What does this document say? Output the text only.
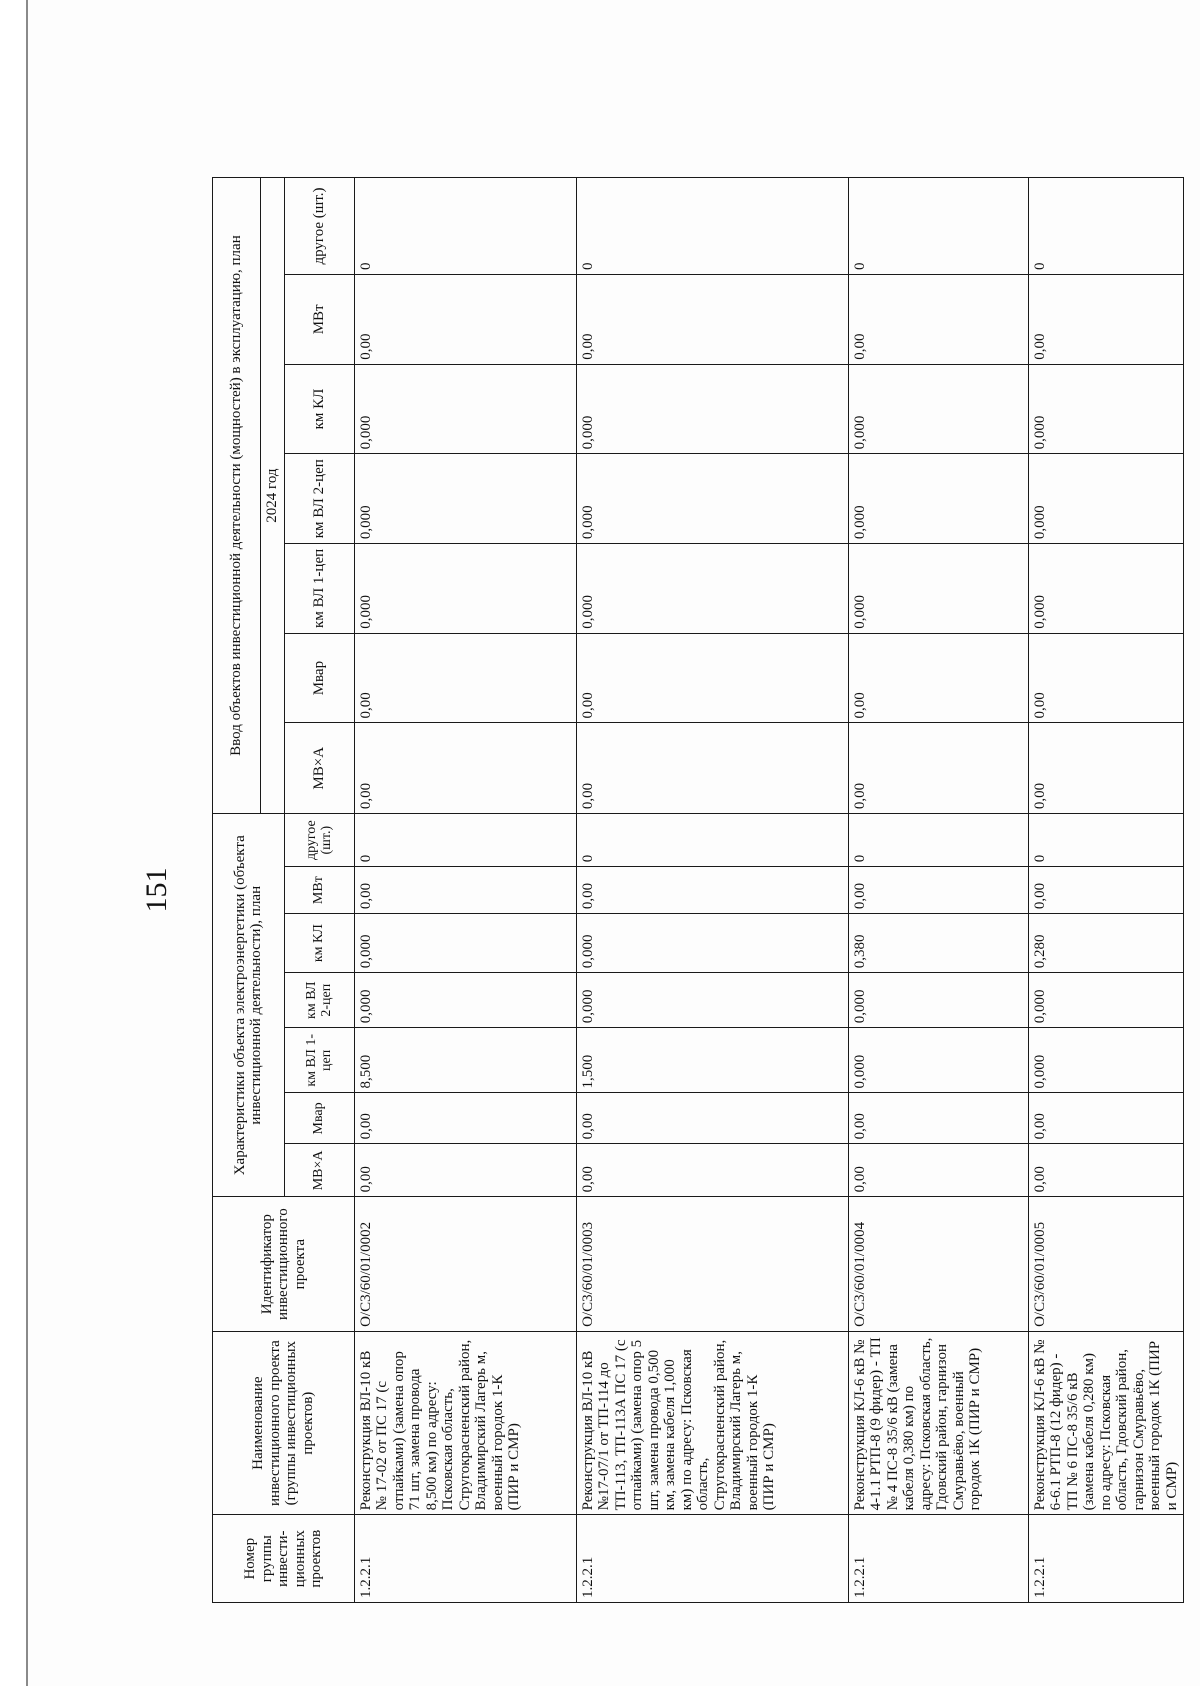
151
Номер группы инвести-ционных проектов	Наименование инвестиционного проекта (группы инвестиционных проектов)	Идентификатор инвестиционного проекта	Характеристики объекта электроэнергетики (объекта инвестиционной деятельности), план							Ввод объектов инвестиционной деятельности (мощностей) в эксплуатацию, план						
										2024 год						
			МВ×А	Мвар	км ВЛ 1-цеп	км ВЛ 2-цеп	км КЛ	МВт	другое (шт.)	МВ×А	Мвар	км ВЛ 1-цеп	км ВЛ 2-цеп	км КЛ	МВт	другое (шт.)
1.2.2.1	Реконструкция ВЛ-10 кВ № 17-02 от ПС 17 (с отпайками) (замена опор 71 шт, замена провода 8,500 км) по адресу: Псковская область, Стругокрасненский район, Владимирский Лагерь м, военный городок 1-К (ПИР и СМР)	О/С3/60/01/0002	0,00	0,00	8,500	0,000	0,000	0,00	0	0,00	0,00	0,000	0,000	0,000	0,00	0
1.2.2.1	Реконструкция ВЛ-10 кВ №17-07/1 от ТП-114 до ТП-113, ТП-113А ПС 17 (с отпайками) (замена опор 5 шт, замена провода 0,500 км, замена кабеля 1,000 км) по адресу: Псковская область, Стругокрасненский район, Владимирский Лагерь м, военный городок 1-К (ПИР и СМР)	О/С3/60/01/0003	0,00	0,00	1,500	0,000	0,000	0,00	0	0,00	0,00	0,000	0,000	0,000	0,00	0
1.2.2.1	Реконструкция КЛ-6 кВ № 4-1.1 РТП-8 (9 фидер) - ТП № 4 ПС-8 35/6 кВ (замена кабеля 0,380 км) по адресу: Псковская область, Гдовский район, гарнизон Смуравьёво, военный городок 1К (ПИР и СМР)	О/С3/60/01/0004	0,00	0,00	0,000	0,000	0,380	0,00	0	0,00	0,00	0,000	0,000	0,000	0,00	0
1.2.2.1	Реконструкция КЛ-6 кВ № 6-6.1 РТП-8 (12 фидер) - ТП № 6 ПС-8 35/6 кВ (замена кабеля 0,280 км) по адресу: Псковская область, Гдовский район, гарнизон Смуравьёво, военный городок 1К (ПИР и СМР)	О/С3/60/01/0005	0,00	0,00	0,000	0,000	0,280	0,00	0	0,00	0,00	0,000	0,000	0,000	0,00	0
